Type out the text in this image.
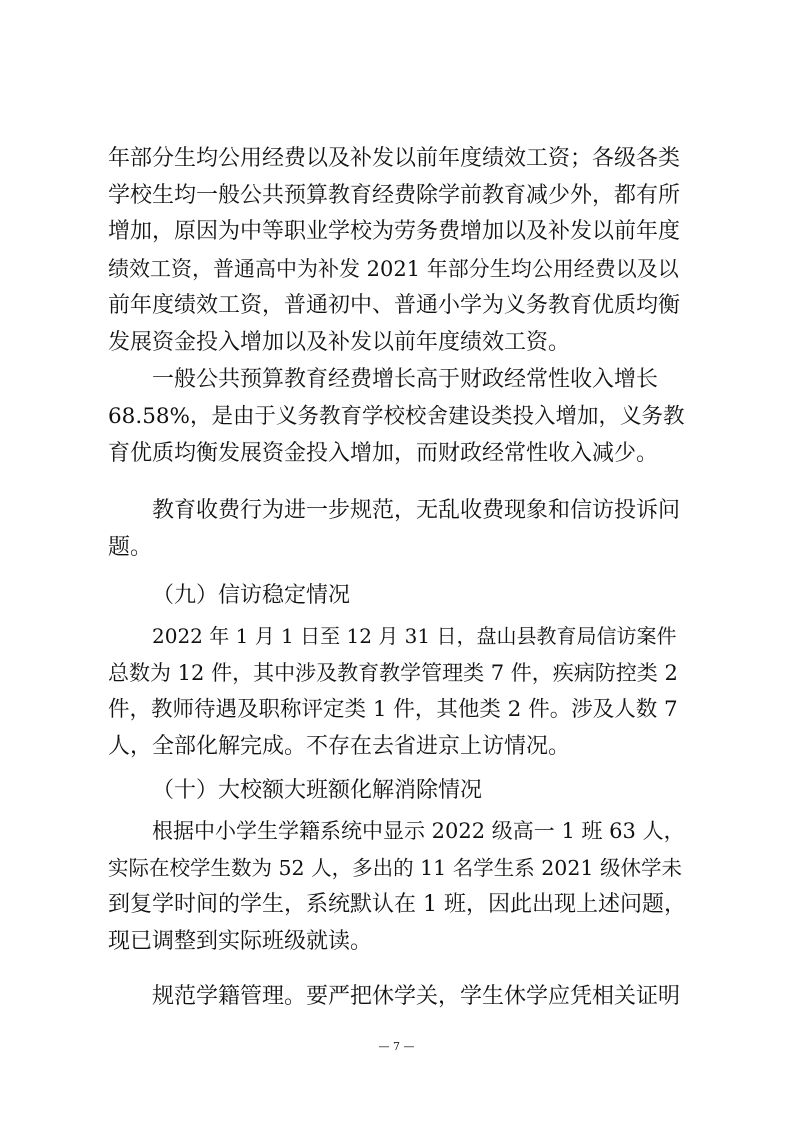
年部分生均公用经费以及补发以前年度绩效工资；各级各类
学校生均一般公共预算教育经费除学前教育减少外，都有所
增加，原因为中等职业学校为劳务费增加以及补发以前年度
绩效工资，普通高中为补发 2021 年部分生均公用经费以及以
前年度绩效工资，普通初中、普通小学为义务教育优质均衡
发展资金投入增加以及补发以前年度绩效工资。
一般公共预算教育经费增长高于财政经常性收入增长
68.58%，是由于义务教育学校校舍建设类投入增加，义务教
育优质均衡发展资金投入增加，而财政经常性收入减少。
教育收费行为进一步规范，无乱收费现象和信访投诉问
题。
（九）信访稳定情况
2022 年 1 月 1 日至 12 月 31 日，盘山县教育局信访案件
总数为 12 件，其中涉及教育教学管理类 7 件，疾病防控类 2
件，教师待遇及职称评定类 1 件，其他类 2 件。涉及人数 7
人，全部化解完成。不存在去省进京上访情况。
（十）大校额大班额化解消除情况
根据中小学生学籍系统中显示 2022 级高一 1 班 63 人，
实际在校学生数为 52 人，多出的 11 名学生系 2021 级休学未
到复学时间的学生，系统默认在 1 班，因此出现上述问题，
现已调整到实际班级就读。
规范学籍管理。要严把休学关，学生休学应凭相关证明
— 7 —
